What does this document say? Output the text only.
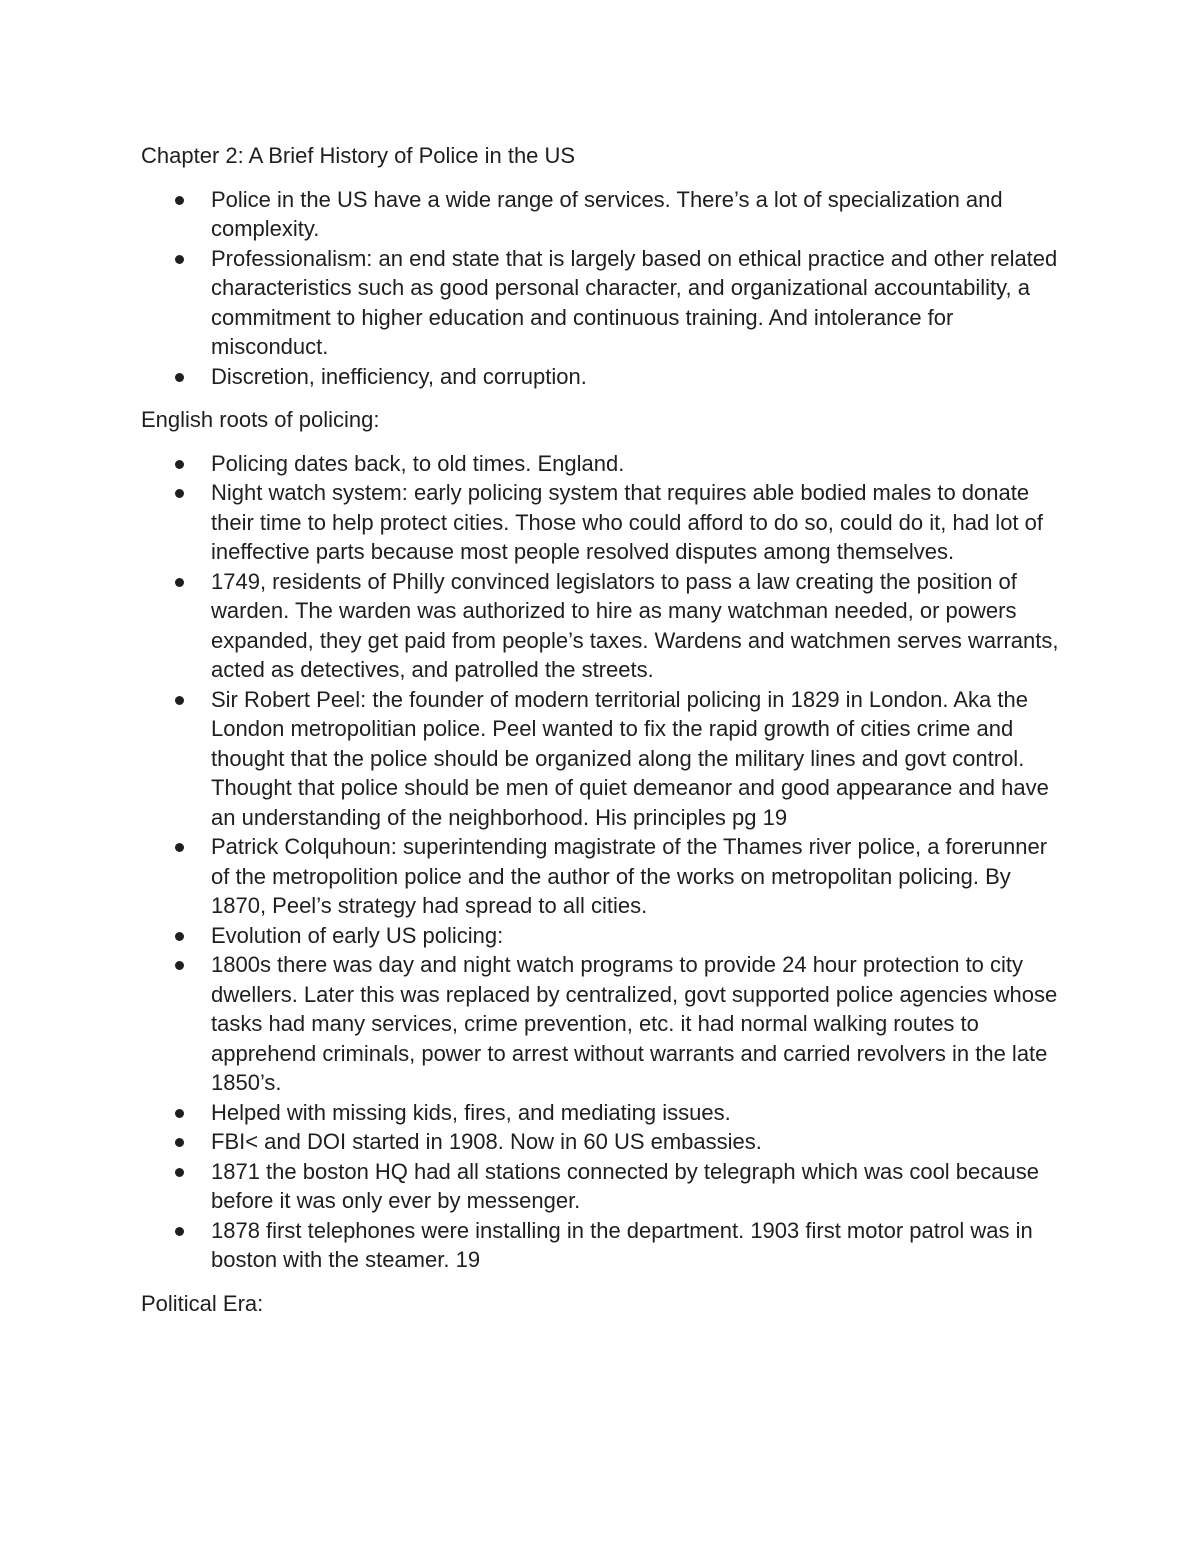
Chapter 2: A Brief History of Police in the US

Police in the US have a wide range of services. There’s a lot of specialization and complexity.
Professionalism: an end state that is largely based on ethical practice and other related characteristics such as good personal character, and organizational accountability, a commitment to higher education and continuous training. And intolerance for misconduct.
Discretion, inefficiency, and corruption.

English roots of policing:

Policing dates back, to old times. England.
Night watch system: early policing system that requires able bodied males to donate their time to help protect cities. Those who could afford to do so, could do it, had lot of ineffective parts because most people resolved disputes among themselves.
1749, residents of Philly convinced legislators to pass a law creating the position of warden. The warden was authorized to hire as many watchman needed, or powers expanded, they get paid from people’s taxes. Wardens and watchmen serves warrants, acted as detectives, and patrolled the streets.
Sir Robert Peel: the founder of modern territorial policing in 1829 in London. Aka the London metropolitian police. Peel wanted to fix the rapid growth of cities crime and thought that the police should be organized along the military lines and govt control. Thought that police should be men of quiet demeanor and good appearance and have an understanding of the neighborhood. His principles pg 19
Patrick Colquhoun: superintending magistrate of the Thames river police, a forerunner of the metropolition police and the author of the works on metropolitan policing. By 1870, Peel’s strategy had spread to all cities.
Evolution of early US policing:
1800s there was day and night watch programs to provide 24 hour protection to city dwellers. Later this was replaced by centralized, govt supported police agencies whose tasks had many services, crime prevention, etc. it had normal walking routes to apprehend criminals, power to arrest without warrants and carried revolvers in the late 1850’s.
Helped with missing kids, fires, and mediating issues.
FBI< and DOI started in 1908. Now in 60 US embassies.
1871 the boston HQ had all stations connected by telegraph which was cool because before it was only ever by messenger.
1878 first telephones were installing in the department. 1903 first motor patrol was in boston with the steamer. 19

Political Era:
